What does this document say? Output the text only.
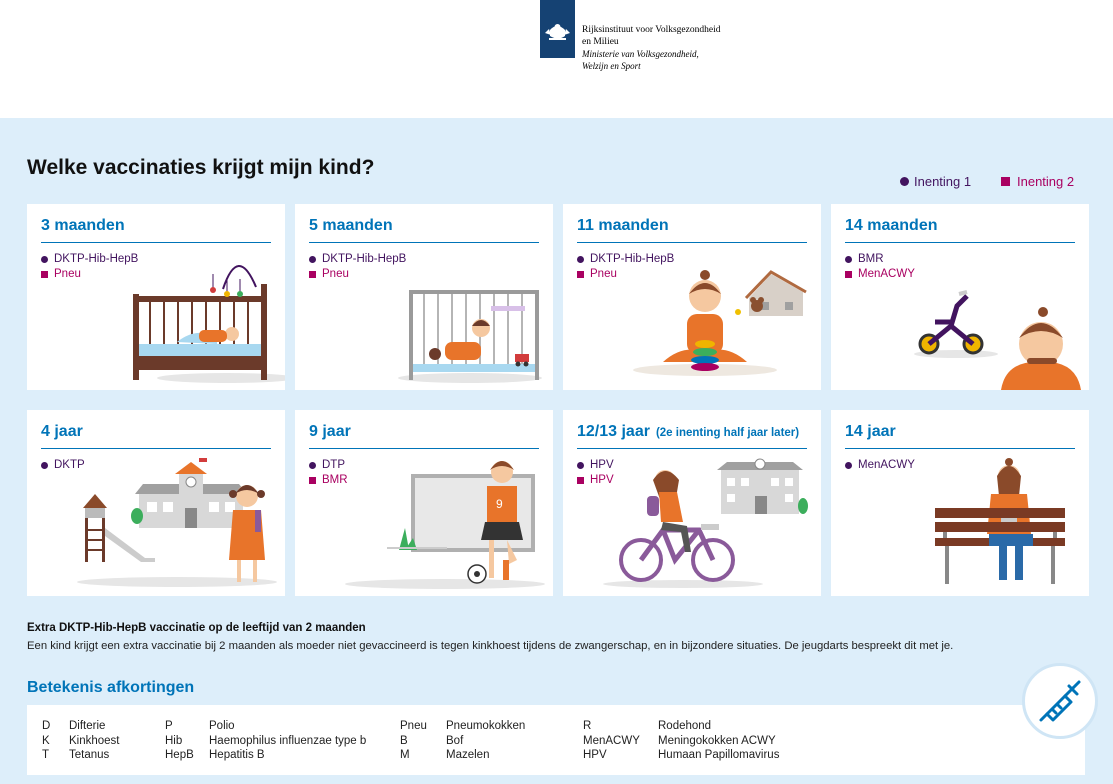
Rijksinstituut voor Volksgezondheid
en Milieu
Ministerie van Volksgezondheid,
Welzijn en Sport
Welke vaccinaties krijgt mijn kind?
Inenting 1	Inenting 2
3 maanden
DKTP-Hib-HepB
Pneu
5 maanden
DKTP-Hib-HepB
Pneu
11 maanden
DKTP-Hib-HepB
Pneu
14 maanden
BMR
MenACWY
4 jaar
DKTP
9
9 jaar
DTP
BMR
12/13 jaar (2e inenting half jaar later)
HPV
HPV
14 jaar
MenACWY
Extra DKTP-Hib-HepB vaccinatie op de leeftijd van 2 maanden
Een kind krijgt een extra vaccinatie bij 2 maanden als moeder niet gevaccineerd is tegen kinkhoest tijdens de zwangerschap, en in bijzondere situaties. De jeugdarts bespreekt dit met je.
Betekenis afkortingen
D
K
T
Difterie
Kinkhoest
Tetanus
P
Hib
HepB
Polio
Haemophilus influenzae type b
Hepatitis B
Pneu
B
M
Pneumokokken
Bof
Mazelen
R
MenACWY
HPV
Rodehond
Meningokokken ACWY
Humaan Papillomavirus
